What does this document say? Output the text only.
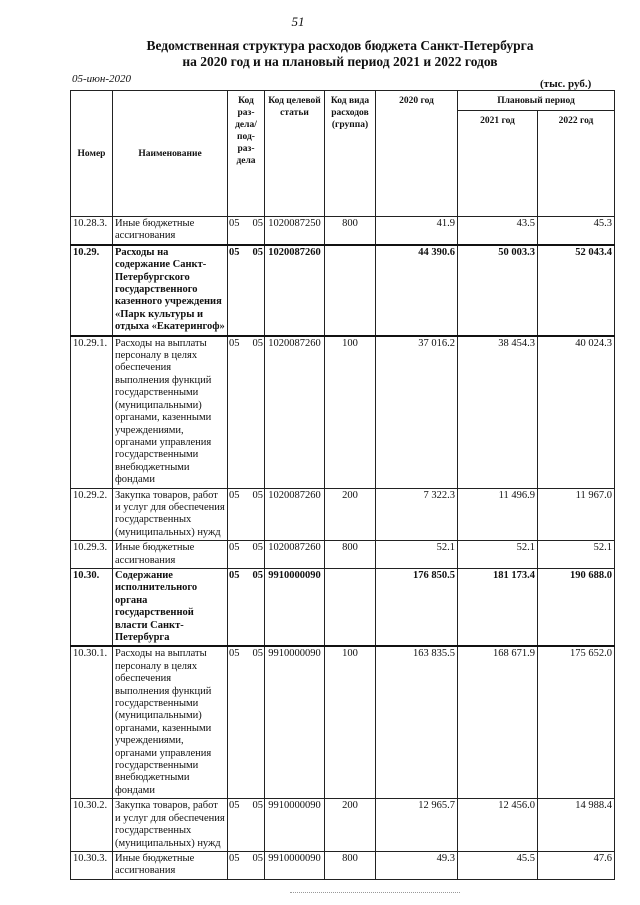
51
Ведомственная структура расходов бюджета Санкт-Петербурга
на 2020 год и на плановый период 2021 и 2022 годов
05-июн-2020	(тыс. руб.)
Номер	Наименование	Код раз-дела/ под-раз-дела	Код целевой статьи	Код вида расходов (группа)	2020 год	Плановый период	
						2021 год	2022 год
10.28.3.	Иные бюджетные ассигнования	05 05	1020087250	800	41.9	43.5	45.3
10.29.	Расходы на содержание Санкт-Петербургского государственного казенного учреждения «Парк культуры и отдыха «Екатерингоф»	05 05	1020087260		44 390.6	50 003.3	52 043.4
10.29.1.	Расходы на выплаты персоналу в целях обеспечения выполнения функций государственными (муниципальными) органами, казенными учреждениями, органами управления государственными внебюджетными фондами	05 05	1020087260	100	37 016.2	38 454.3	40 024.3
10.29.2.	Закупка товаров, работ и услуг для обеспечения государственных (муниципальных) нужд	05 05	1020087260	200	7 322.3	11 496.9	11 967.0
10.29.3.	Иные бюджетные ассигнования	05 05	1020087260	800	52.1	52.1	52.1
10.30.	Содержание исполнительного органа государственной власти Санкт-Петербурга	05 05	9910000090		176 850.5	181 173.4	190 688.0
10.30.1.	Расходы на выплаты персоналу в целях обеспечения выполнения функций государственными (муниципальными) органами, казенными учреждениями, органами управления государственными внебюджетными фондами	05 05	9910000090	100	163 835.5	168 671.9	175 652.0
10.30.2.	Закупка товаров, работ и услуг для обеспечения государственных (муниципальных) нужд	05 05	9910000090	200	12 965.7	12 456.0	14 988.4
10.30.3.	Иные бюджетные ассигнования	05 05	9910000090	800	49.3	45.5	47.6
